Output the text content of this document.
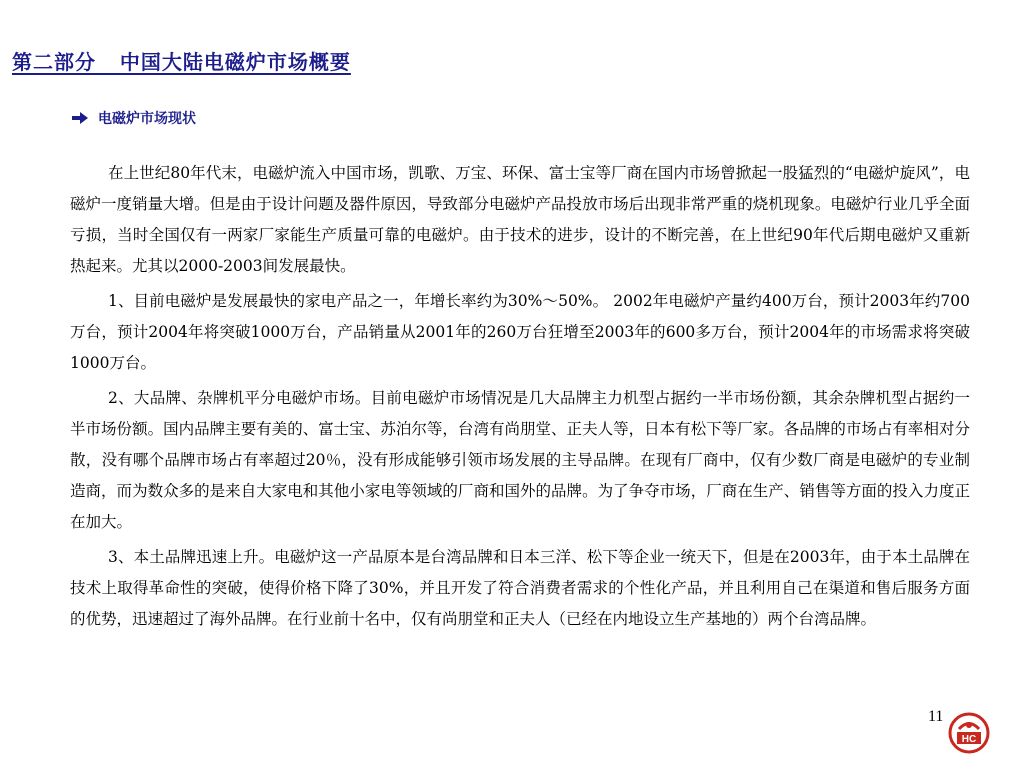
第二部分   中国大陆电磁炉市场概要
电磁炉市场现状

在上世纪80年代末，电磁炉流入中国市场，凯歌、万宝、环保、富士宝等厂商在国内市场曾掀起一股猛烈的“电磁炉旋风”，电磁炉一度销量大增。但是由于设计问题及器件原因，导致部分电磁炉产品投放市场后出现非常严重的烧机现象。电磁炉行业几乎全面亏损，当时全国仅有一两家厂家能生产质量可靠的电磁炉。由于技术的进步，设计的不断完善，在上世纪90年代后期电磁炉又重新热起来。尤其以2000-2003间发展最快。

1、目前电磁炉是发展最快的家电产品之一，年增长率约为30%～50%。 2002年电磁炉产量约400万台，预计2003年约700万台，预计2004年将突破1000万台，产品销量从2001年的260万台狂增至2003年的600多万台，预计2004年的市场需求将突破1000万台。

2、大品牌、杂牌机平分电磁炉市场。目前电磁炉市场情况是几大品牌主力机型占据约一半市场份额，其余杂牌机型占据约一半市场份额。国内品牌主要有美的、富士宝、苏泊尔等，台湾有尚朋堂、正夫人等，日本有松下等厂家。各品牌的市场占有率相对分散，没有哪个品牌市场占有率超过20％，没有形成能够引领市场发展的主导品牌。在现有厂商中，仅有少数厂商是电磁炉的专业制造商，而为数众多的是来自大家电和其他小家电等领域的厂商和国外的品牌。为了争夺市场，厂商在生产、销售等方面的投入力度正在加大。

3、本土品牌迅速上升。电磁炉这一产品原本是台湾品牌和日本三洋、松下等企业一统天下，但是在2003年，由于本土品牌在技术上取得革命性的突破，使得价格下降了30%，并且开发了符合消费者需求的个性化产品，并且利用自己在渠道和售后服务方面的优势，迅速超过了海外品牌。在行业前十名中，仅有尚朋堂和正夫人（已经在内地设立生产基地的）两个台湾品牌。

11
HC
